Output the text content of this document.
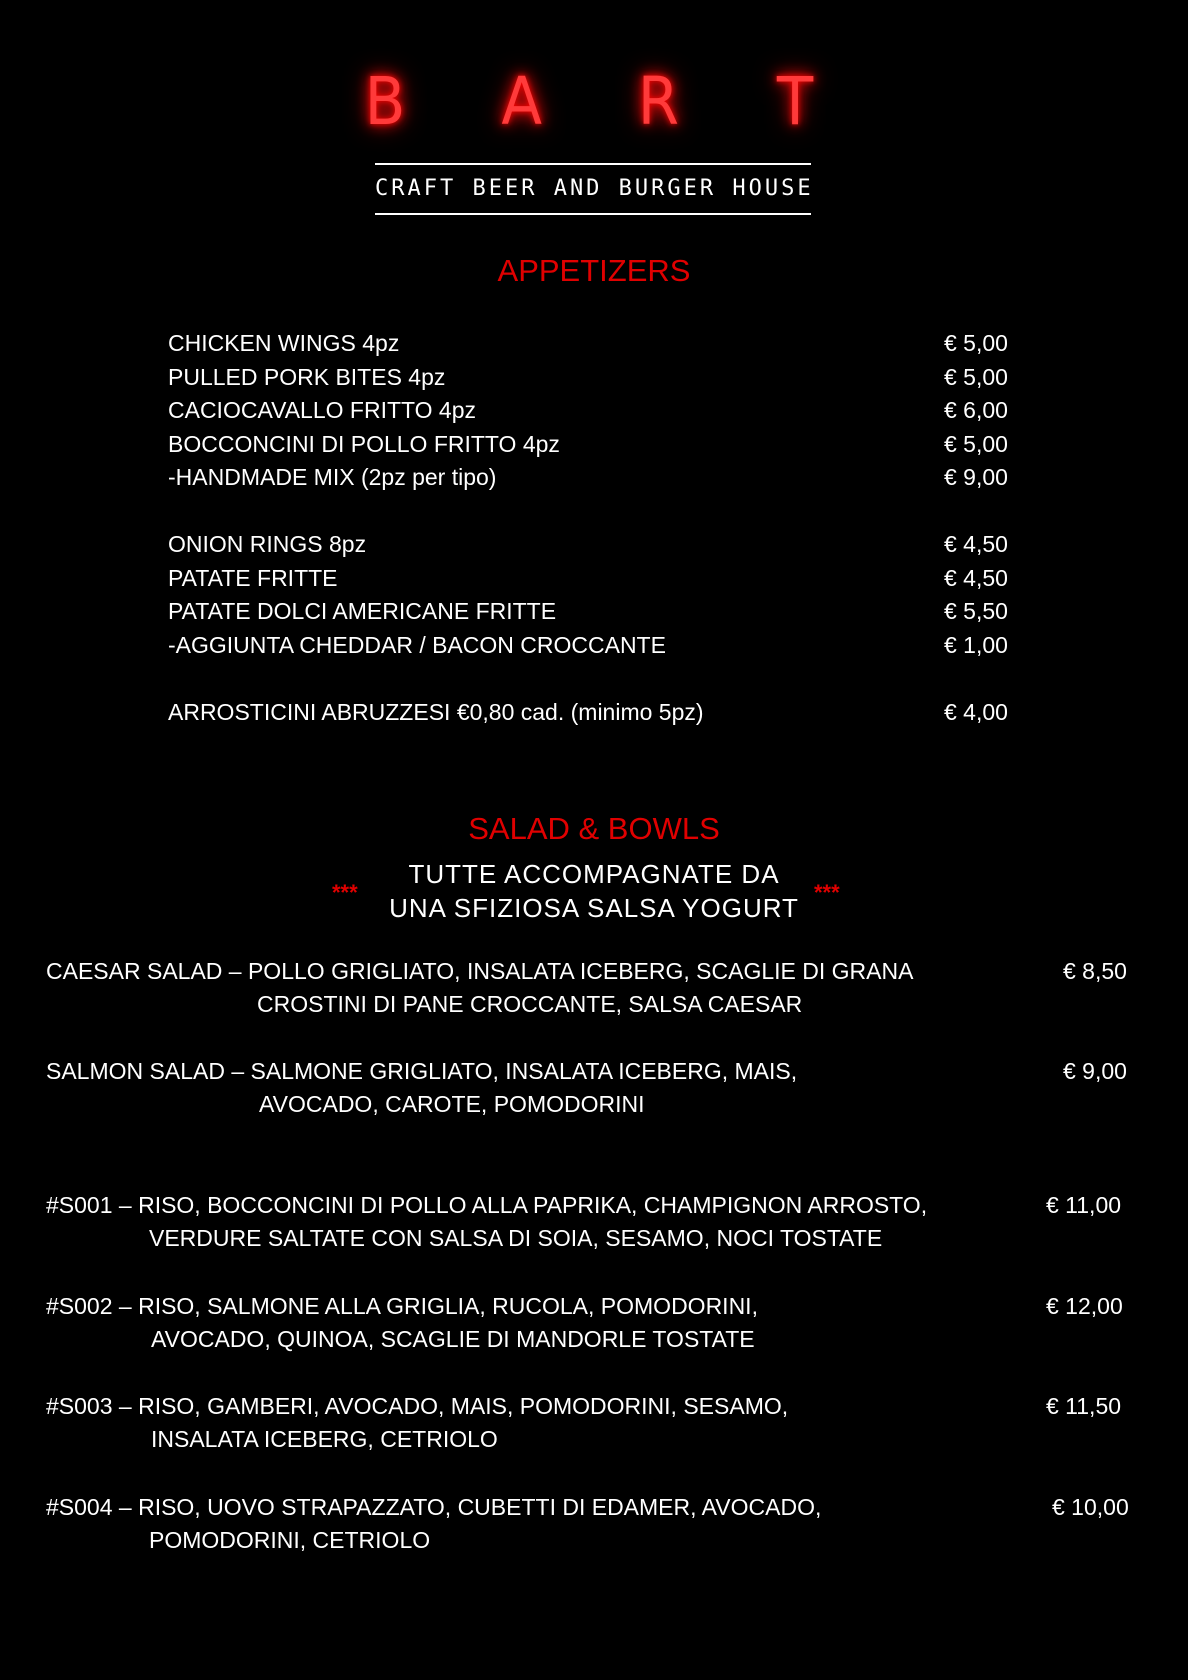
B A R T
CRAFT BEER AND BURGER HOUSE
APPETIZERS
CHICKEN WINGS 4pz	€ 5,00
PULLED PORK BITES 4pz	€ 5,00
CACIOCAVALLO FRITTO 4pz	€ 6,00
BOCCONCINI DI POLLO FRITTO 4pz	€ 5,00
-HANDMADE MIX (2pz per tipo)	€ 9,00
ONION RINGS 8pz	€ 4,50
PATATE FRITTE	€ 4,50
PATATE DOLCI AMERICANE FRITTE	€ 5,50
-AGGIUNTA CHEDDAR / BACON CROCCANTE	€ 1,00
ARROSTICINI ABRUZZESI €0,80 cad. (minimo 5pz)	€ 4,00
SALAD & BOWLS
***
TUTTE ACCOMPAGNATE DA
UNA SFIZIOSA SALSA YOGURT
***
CAESAR SALAD – POLLO GRIGLIATO, INSALATA ICEBERG, SCAGLIE DI GRANA
CROSTINI DI PANE CROCCANTE, SALSA CAESAR
€ 8,50
SALMON SALAD – SALMONE GRIGLIATO, INSALATA ICEBERG, MAIS,
AVOCADO, CAROTE, POMODORINI
€ 9,00
#S001 – RISO, BOCCONCINI DI POLLO ALLA PAPRIKA, CHAMPIGNON ARROSTO,
VERDURE SALTATE CON SALSA DI SOIA, SESAMO, NOCI TOSTATE
€ 11,00
#S002 – RISO, SALMONE ALLA GRIGLIA, RUCOLA, POMODORINI,
AVOCADO, QUINOA, SCAGLIE DI MANDORLE TOSTATE
€ 12,00
#S003 – RISO, GAMBERI, AVOCADO, MAIS, POMODORINI, SESAMO,
INSALATA ICEBERG, CETRIOLO
€ 11,50
#S004 – RISO, UOVO STRAPAZZATO, CUBETTI DI EDAMER, AVOCADO,
POMODORINI, CETRIOLO
€ 10,00
